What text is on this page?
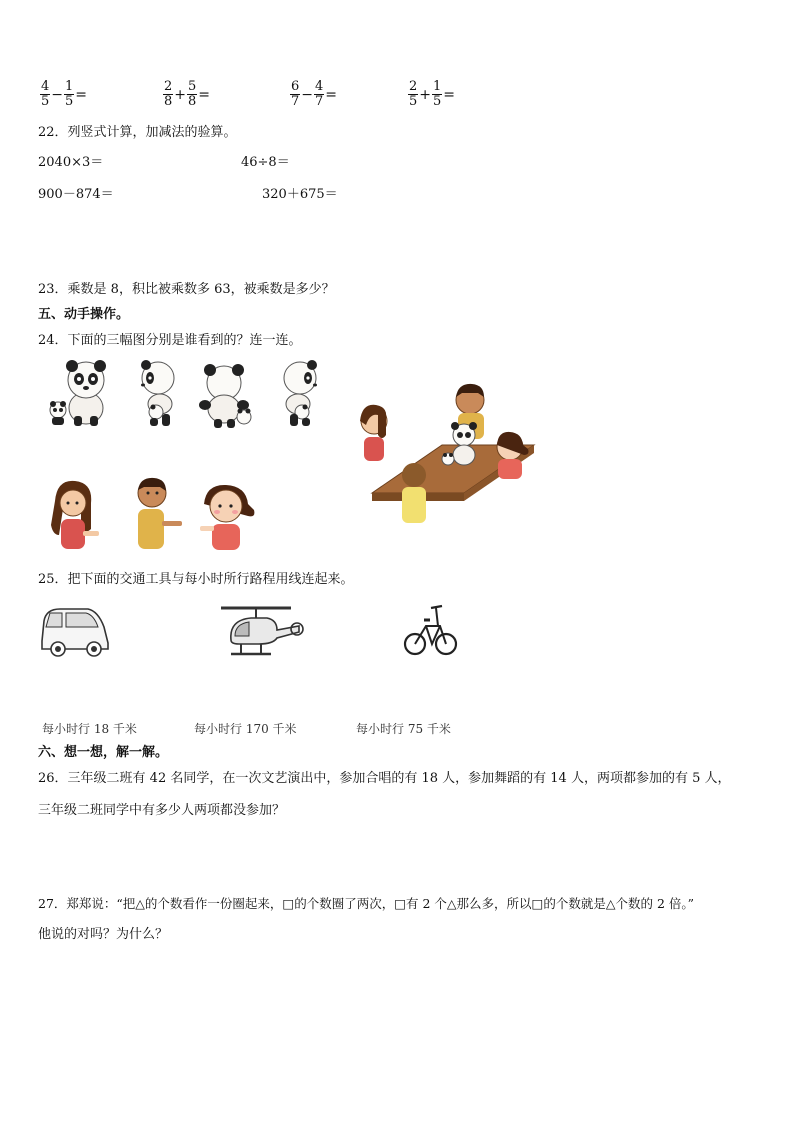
$\frac{4}{5} - \frac{1}{5}$ =	$\frac{2}{8} + \frac{5}{8}$ =	$\frac{6}{7} - \frac{4}{7}$ =	$\frac{2}{5} + \frac{1}{5}$ =
22．列竖式计算，加减法的验算。
2040×3＝	46÷8＝
900－874＝	320＋675＝
23．乘数是 8，积比被乘数多 63，被乘数是多少？
五、动手操作。
24．下面的三幅图分别是谁看到的？连一连。
25．把下面的交通工具与每小时所行路程用线连起来。
每小时行 18 千米	每小时行 170 千米	每小时行 75 千米
六、想一想，解一解。
26．三年级二班有 42 名同学，在一次文艺演出中，参加合唱的有 18 人，参加舞蹈的有 14 人，两项都参加的有 5 人，
三年级二班同学中有多少人两项都没参加？
27．郑郑说：“把△的个数看作一份圈起来，□的个数圈了两次，□有 2 个△那么多，所以□的个数就是△个数的 2 倍。”
他说的对吗？为什么？
